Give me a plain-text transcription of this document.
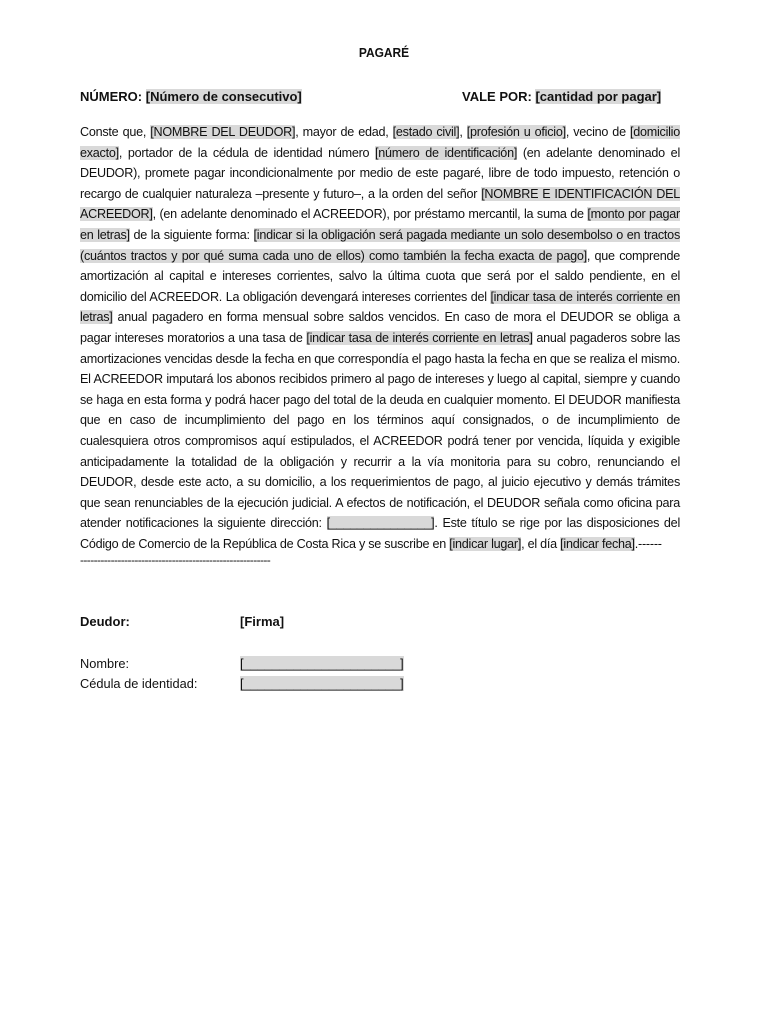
PAGARÉ
NÚMERO: [Número de consecutivo]	VALE POR: [cantidad por pagar]
Conste que, [NOMBRE DEL DEUDOR], mayor de edad, [estado civil], [profesión u oficio], vecino de [domicilio exacto], portador de la cédula de identidad número [número de identificación] (en adelante denominado el DEUDOR), promete pagar incondicionalmente por medio de este pagaré, libre de todo impuesto, retención o recargo de cualquier naturaleza –presente y futuro–, a la orden del señor [NOMBRE E IDENTIFICACIÓN DEL ACREEDOR], (en adelante denominado el ACREEDOR), por préstamo mercantil, la suma de [monto por pagar en letras] de la siguiente forma: [indicar si la obligación será pagada mediante un solo desembolso o en tractos (cuántos tractos y por qué suma cada uno de ellos) como también la fecha exacta de pago], que comprende amortización al capital e intereses corrientes, salvo la última cuota que será por el saldo pendiente, en el domicilio del ACREEDOR. La obligación devengará intereses corrientes del [indicar tasa de interés corriente en letras] anual pagadero en forma mensual sobre saldos vencidos. En caso de mora el DEUDOR se obliga a pagar intereses moratorios a una tasa de [indicar tasa de interés corriente en letras] anual pagaderos sobre las amortizaciones vencidas desde la fecha en que correspondía el pago hasta la fecha en que se realiza el mismo. El ACREEDOR imputará los abonos recibidos primero al pago de intereses y luego al capital, siempre y cuando se haga en esta forma y podrá hacer pago del total de la deuda en cualquier momento. El DEUDOR manifiesta que en caso de incumplimiento del pago en los términos aquí consignados, o de incumplimiento de cualesquiera otros compromisos aquí estipulados, el ACREEDOR podrá tener por vencida, líquida y exigible anticipadamente la totalidad de la obligación y recurrir a la vía monitoria para su cobro, renunciando el DEUDOR, desde este acto, a su domicilio, a los requerimientos de pago, al juicio ejecutivo y demás trámites que sean renunciables de la ejecución judicial. A efectos de notificación, el DEUDOR señala como oficina para atender notificaciones la siguiente dirección: [_______________]. Este título se rige por las disposiciones del Código de Comercio de la República de Costa Rica y se suscribe en [indicar lugar], el día [indicar fecha].------
--------------------------------------------------------
Deudor:	[Firma]
Nombre:	[______________________]
Cédula de identidad:	[______________________]
